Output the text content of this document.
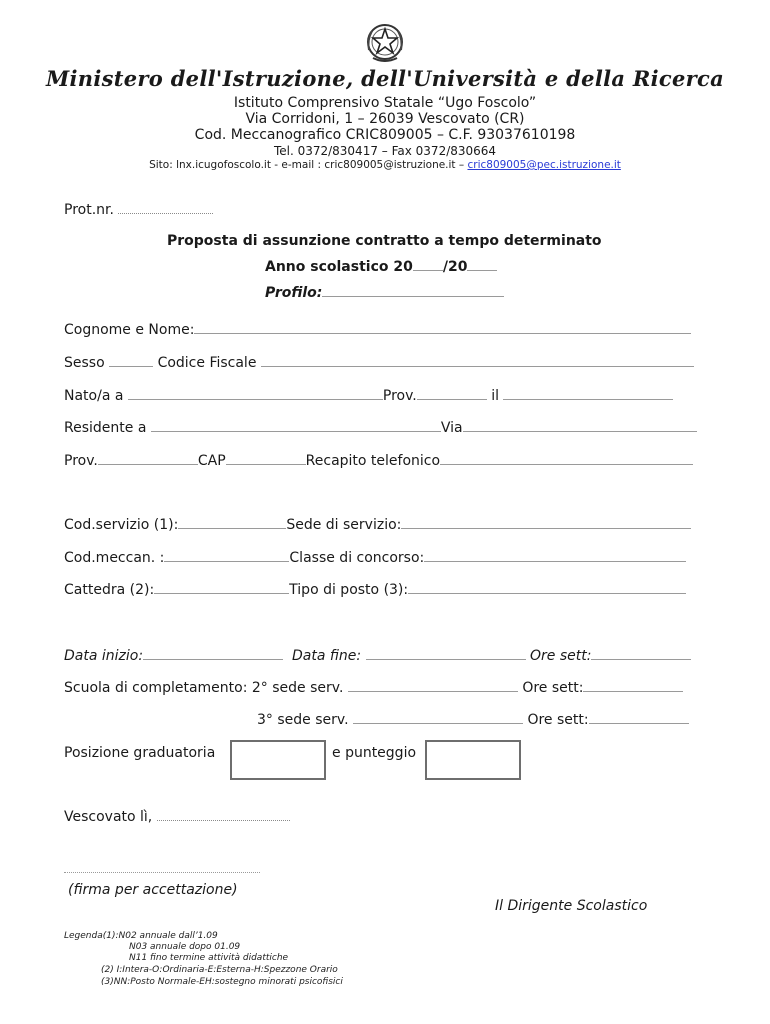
Ministero dell'Istruzione, dell'Università e della Ricerca
Istituto Comprensivo Statale “Ugo Foscolo”
Via Corridoni, 1 – 26039 Vescovato (CR)
Cod. Meccanografico CRIC809005 – C.F. 93037610198
Tel. 0372/830417 – Fax 0372/830664
Sito: lnx.icugofoscolo.it - e-mail : cric809005@istruzione.it – cric809005@pec.istruzione.it
Prot.nr.
Proposta di assunzione contratto a tempo determinato
Anno scolastico 20 /20
Profilo:
Cognome e Nome:
Sesso	Codice Fiscale
Nato/a a	Prov.	il
Residente a	Via
Prov.	CAP	Recapito telefonico
Cod.servizio (1):	Sede di servizio:
Cod.meccan. :	Classe di concorso:
Cattedra (2):	Tipo di posto (3):
Data inizio:	Data fine:	Ore sett:
Scuola di completamento: 2° sede serv.	Ore sett:
3° sede serv.	Ore sett:
Posizione graduatoria	e punteggio
Vescovato lì,
(firma per accettazione)
Il Dirigente Scolastico
Legenda(1):N02 annuale dall’1.09
N03 annuale dopo 01.09
N11 fino termine attività didattiche
(2) I:Intera-O:Ordinaria-E:Esterna-H:Spezzone Orario
(3)NN:Posto Normale-EH:sostegno minorati psicofisici
